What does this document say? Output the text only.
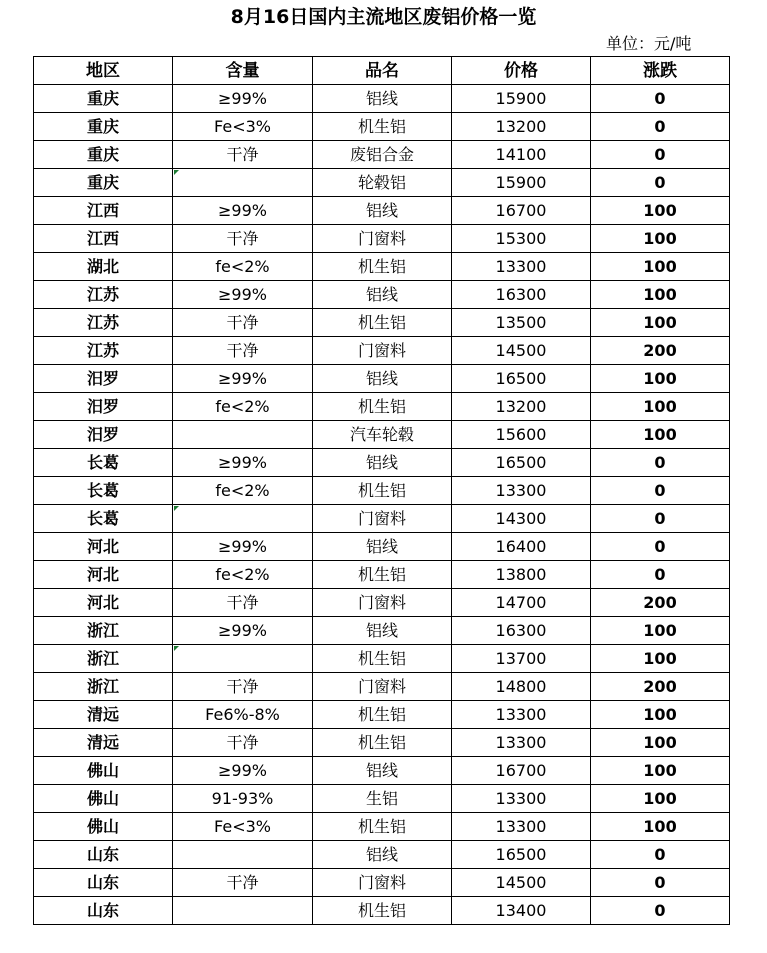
8月16日国内主流地区废铝价格一览
单位：元/吨
地区	含量	品名	价格	涨跌
重庆	≥99%	铝线	15900	0
重庆	Fe<3%	机生铝	13200	0
重庆	干净	废铝合金	14100	0
重庆		轮毂铝	15900	0
江西	≥99%	铝线	16700	100
江西	干净	门窗料	15300	100
湖北	fe<2%	机生铝	13300	100
江苏	≥99%	铝线	16300	100
江苏	干净	机生铝	13500	100
江苏	干净	门窗料	14500	200
汨罗	≥99%	铝线	16500	100
汨罗	fe<2%	机生铝	13200	100
汨罗		汽车轮毂	15600	100
长葛	≥99%	铝线	16500	0
长葛	fe<2%	机生铝	13300	0
长葛		门窗料	14300	0
河北	≥99%	铝线	16400	0
河北	fe<2%	机生铝	13800	0
河北	干净	门窗料	14700	200
浙江	≥99%	铝线	16300	100
浙江		机生铝	13700	100
浙江	干净	门窗料	14800	200
清远	Fe6%-8%	机生铝	13300	100
清远	干净	机生铝	13300	100
佛山	≥99%	铝线	16700	100
佛山	91-93%	生铝	13300	100
佛山	Fe<3%	机生铝	13300	100
山东		铝线	16500	0
山东	干净	门窗料	14500	0
山东		机生铝	13400	0
